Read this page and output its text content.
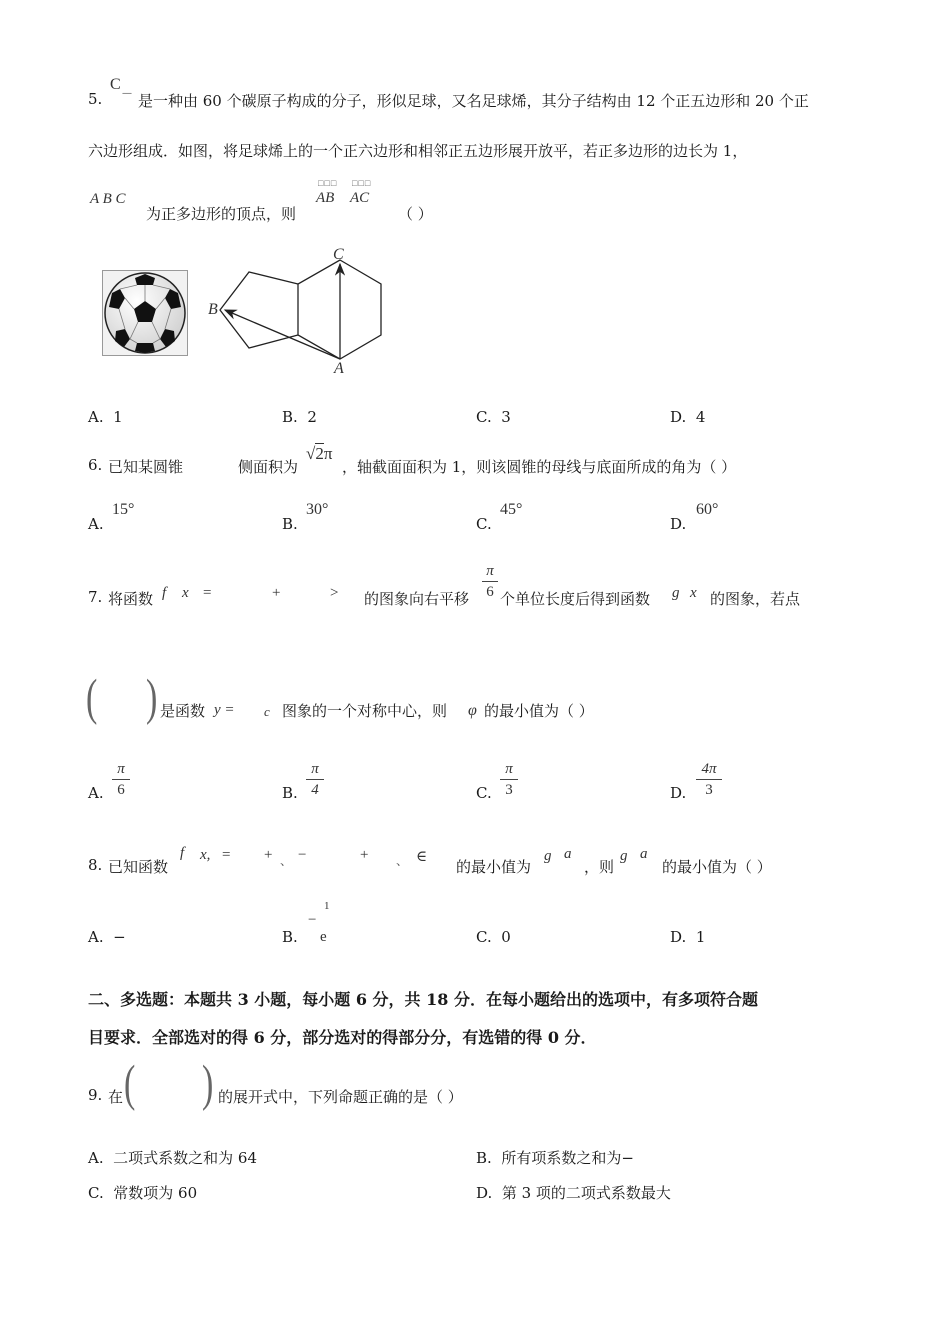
5.
C
— 是一种由 60 个碳原子构成的分子，形似足球，又名足球烯，其分子结构由 12 个正五边形和 20 个正
六边形组成．如图，将足球烯上的一个正六边形和相邻正五边形展开放平，若正多边形的边长为 1，
A B C
为正多边形的顶点，则
□□□
AB
□□□
AC
（ ）
C
B
A
A. 1	B. 2	C. 3	D. 4
6. 已知某圆锥	侧面积为
√2π
，轴截面面积为 1，则该圆锥的母线与底面所成的角为（ ）
A.
15°
B.
30°
C.
45°
D.
60°
7. 将函数 f x =	+	> 的图象向右平移
π
6 个单位长度后得到函数 g x 的图象，若点
( ) 是函数 y = c 图象的一个对称中心，则 φ 的最小值为（ ）
A.
π
6	B.
π
4	C.
π
3	D.
4π
3
8. 已知函数
f x, = + 、 −	+ 、 ∈
的最小值为
g a
，则
g a
的最小值为（ ）
A. −	B.
−
1
e	C. 0	D. 1
二、多选题：本题共 3 小题，每小题 6 分，共 18 分．在每小题给出的选项中，有多项符合题
目要求．全部选对的得 6 分，部分选对的得部分分，有选错的得 0 分．
9. 在 ( ) 的展开式中，下列命题正确的是（ ）
A. 二项式系数之和为 64	B. 所有项系数之和为−
C. 常数项为 60	D. 第 3 项的二项式系数最大
